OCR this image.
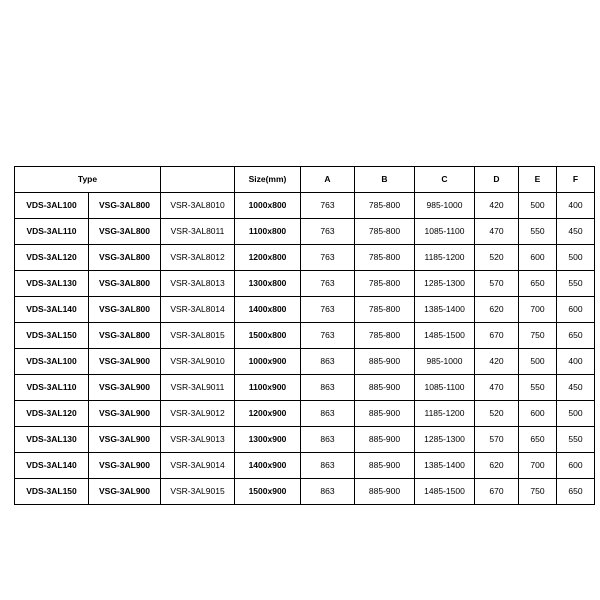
Type			Size(mm)	A	B	C	D	E	F
VDS-3AL100	VSG-3AL800	VSR-3AL8010	1000x800	763	785-800	985-1000	420	500	400
VDS-3AL110	VSG-3AL800	VSR-3AL8011	1100x800	763	785-800	1085-1100	470	550	450
VDS-3AL120	VSG-3AL800	VSR-3AL8012	1200x800	763	785-800	1185-1200	520	600	500
VDS-3AL130	VSG-3AL800	VSR-3AL8013	1300x800	763	785-800	1285-1300	570	650	550
VDS-3AL140	VSG-3AL800	VSR-3AL8014	1400x800	763	785-800	1385-1400	620	700	600
VDS-3AL150	VSG-3AL800	VSR-3AL8015	1500x800	763	785-800	1485-1500	670	750	650
VDS-3AL100	VSG-3AL900	VSR-3AL9010	1000x900	863	885-900	985-1000	420	500	400
VDS-3AL110	VSG-3AL900	VSR-3AL9011	1100x900	863	885-900	1085-1100	470	550	450
VDS-3AL120	VSG-3AL900	VSR-3AL9012	1200x900	863	885-900	1185-1200	520	600	500
VDS-3AL130	VSG-3AL900	VSR-3AL9013	1300x900	863	885-900	1285-1300	570	650	550
VDS-3AL140	VSG-3AL900	VSR-3AL9014	1400x900	863	885-900	1385-1400	620	700	600
VDS-3AL150	VSG-3AL900	VSR-3AL9015	1500x900	863	885-900	1485-1500	670	750	650
